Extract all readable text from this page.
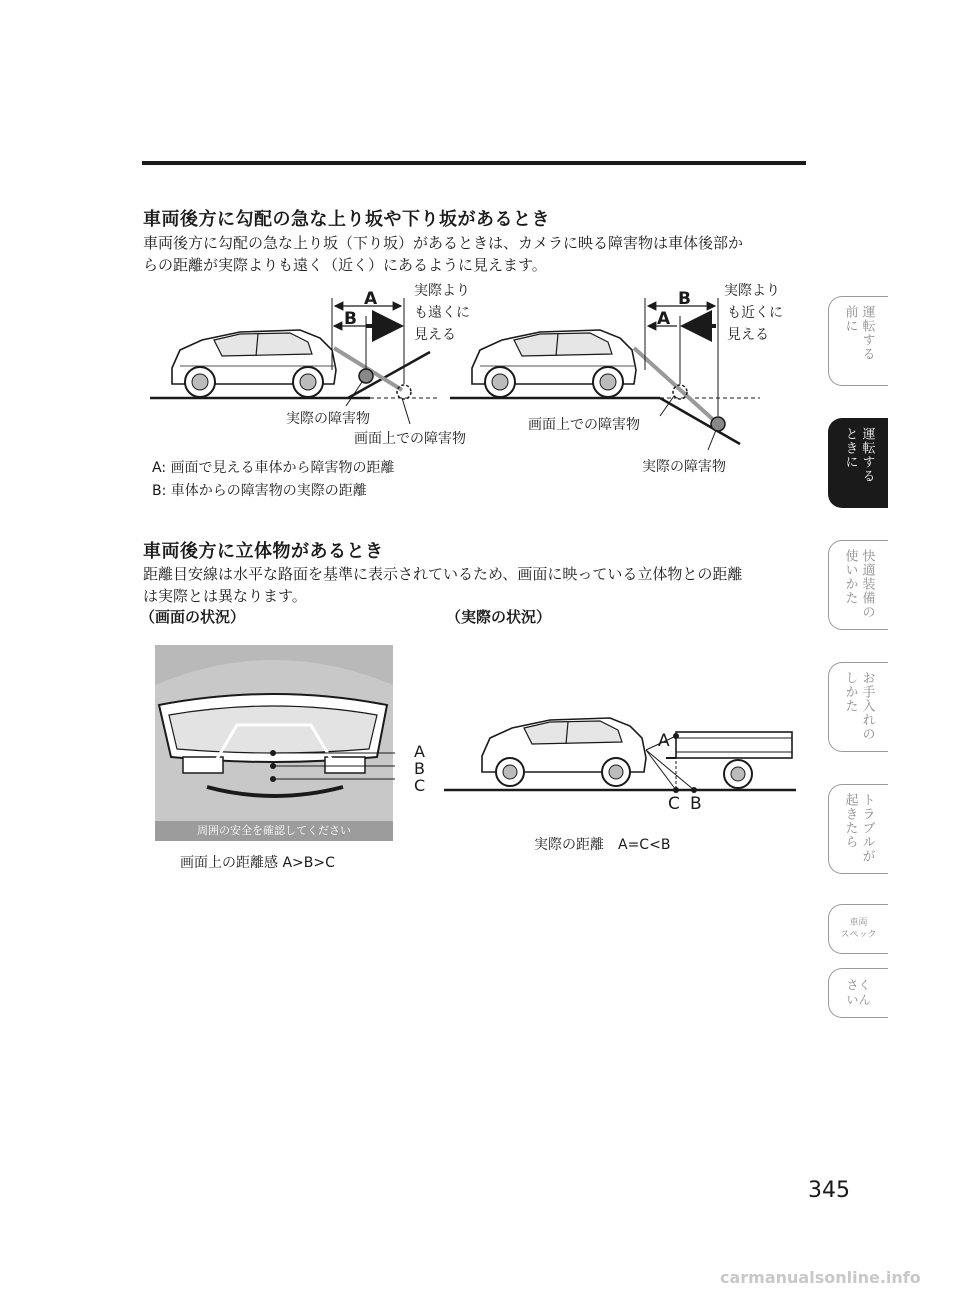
車両後方に勾配の急な上り坂や下り坂があるとき
車両後方に勾配の急な上り坂（下り坂）があるときは、カメラに映る障害物は車体後部か
らの距離が実際よりも遠く（近く）にあるように見えます。
A
B
実際より
も遠くに
見える
実際の障害物
画面上での障害物
B
A
実際より
も近くに
見える
画面上での障害物
実際の障害物
A: 画面で見える車体から障害物の距離
B: 車体からの障害物の実際の距離
車両後方に立体物があるとき
距離目安線は水平な路面を基準に表示されているため、画面に映っている立体物との距離
は実際とは異なります。
（画面の状況）	（実際の状況）
A
B
C
周囲の安全を確認してください
画面上の距離感 A>B>C
A
C B
実際の距離　A=C<B
運転する
前に
運転する
ときに
快適装備の
使いかた
お手入れの
しかた
トラブルが
起きたら
車両
スペック
さく
いん
345
carmanualsonline.info
